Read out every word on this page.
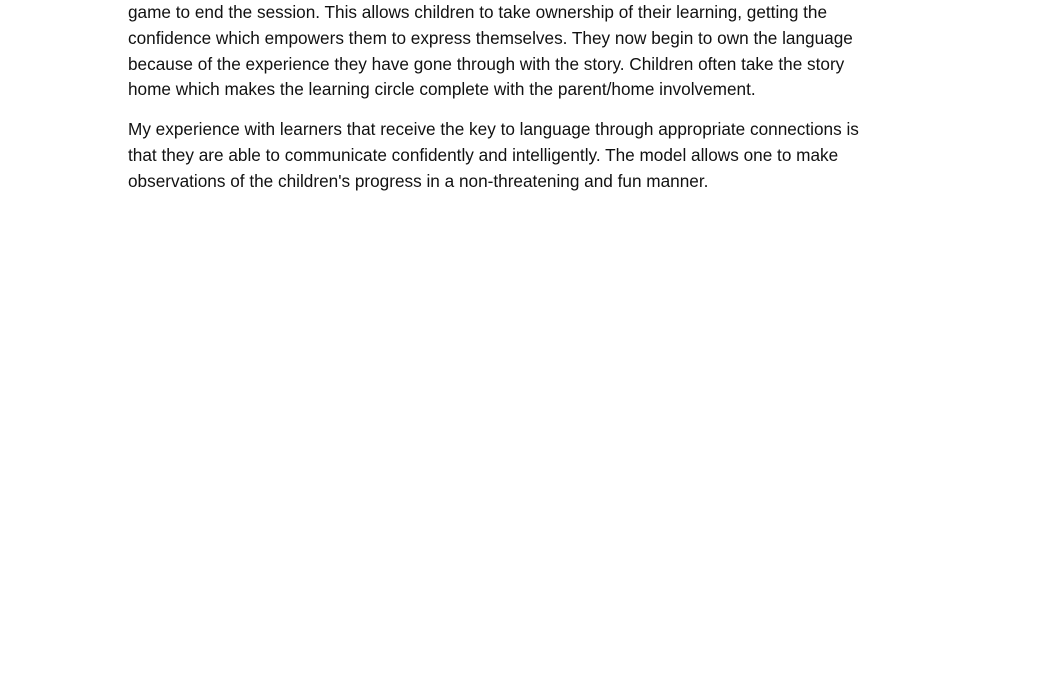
game to end the session. This allows children to take ownership of their learning, getting the
confidence which empowers them to express themselves. They now begin to own the language
because of the experience they have gone through with the story. Children often take the story
home which makes the learning circle complete with the parent/home involvement.

My experience with learners that receive the key to language through appropriate connections is
that they are able to communicate confidently and intelligently. The model allows one to make
observations of the children's progress in a non-threatening and fun manner.
